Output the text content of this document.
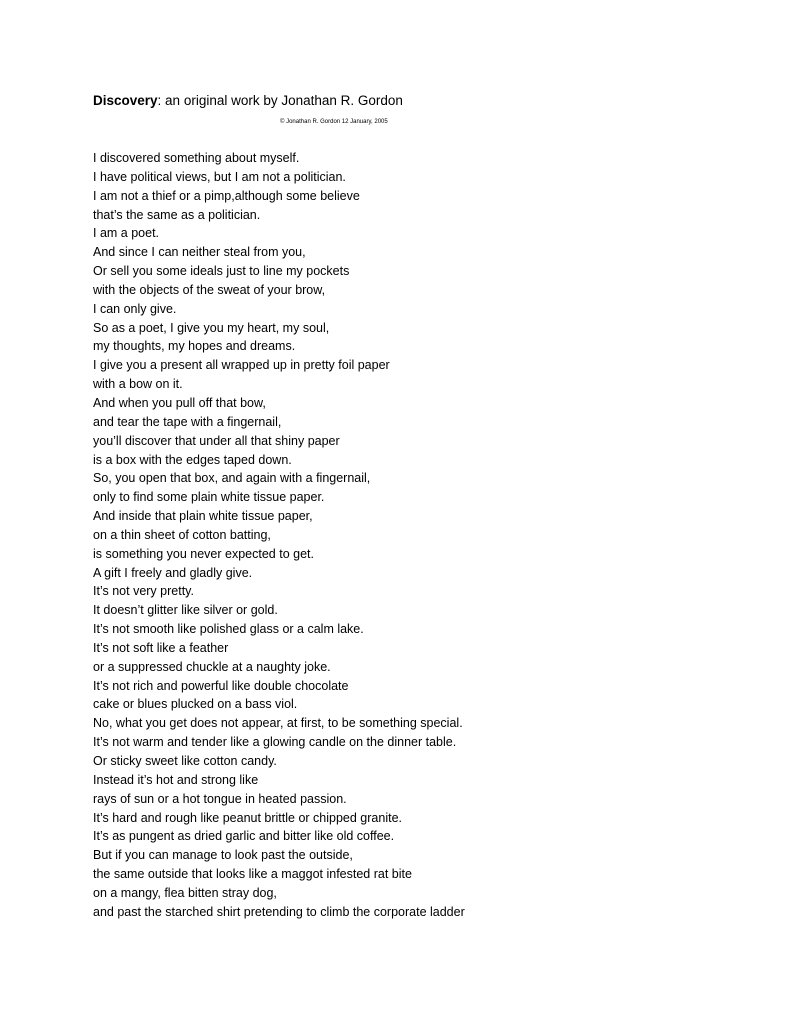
Discovery: an original work by Jonathan R. Gordon
© Jonathan R. Gordon 12 January, 2005
I discovered something about myself.
I have political views, but I am not a politician.
I am not a thief or a pimp,although some believe
that’s the same as a politician.
I am a poet.
And since I can neither steal from you,
Or sell you some ideals just to line my pockets
with the objects of the sweat of your brow,
I can only give.
So as a poet, I give you my heart, my soul,
my thoughts, my hopes and dreams.
I give you a present all wrapped up in pretty foil paper
with a bow on it.
And when you pull off that bow,
and tear the tape with a fingernail,
you’ll discover that under all that shiny paper
is a box with the edges taped down.
So, you open that box, and again with a fingernail,
only to find some plain white tissue paper.
And inside that plain white tissue paper,
on a thin sheet of cotton batting,
is something you never expected to get.
A gift I freely and gladly give.
It’s not very pretty.
It doesn’t glitter like silver or gold.
It’s not smooth like polished glass or a calm lake.
It’s not soft like a feather
or a suppressed chuckle at a naughty joke.
It’s not rich and powerful like double chocolate
cake or blues plucked on a bass viol.
No, what you get does not appear, at first, to be something special.
It’s not warm and tender like a glowing candle on the dinner table.
Or sticky sweet like cotton candy.
Instead it’s hot and strong like
rays of sun or a hot tongue in heated passion.
It’s hard and rough like peanut brittle or chipped granite.
It’s as pungent as dried garlic and bitter like old coffee.
But if you can manage to look past the outside,
the same outside that looks like a maggot infested rat bite
on a mangy, flea bitten stray dog,
and past the starched shirt pretending to climb the corporate ladder
